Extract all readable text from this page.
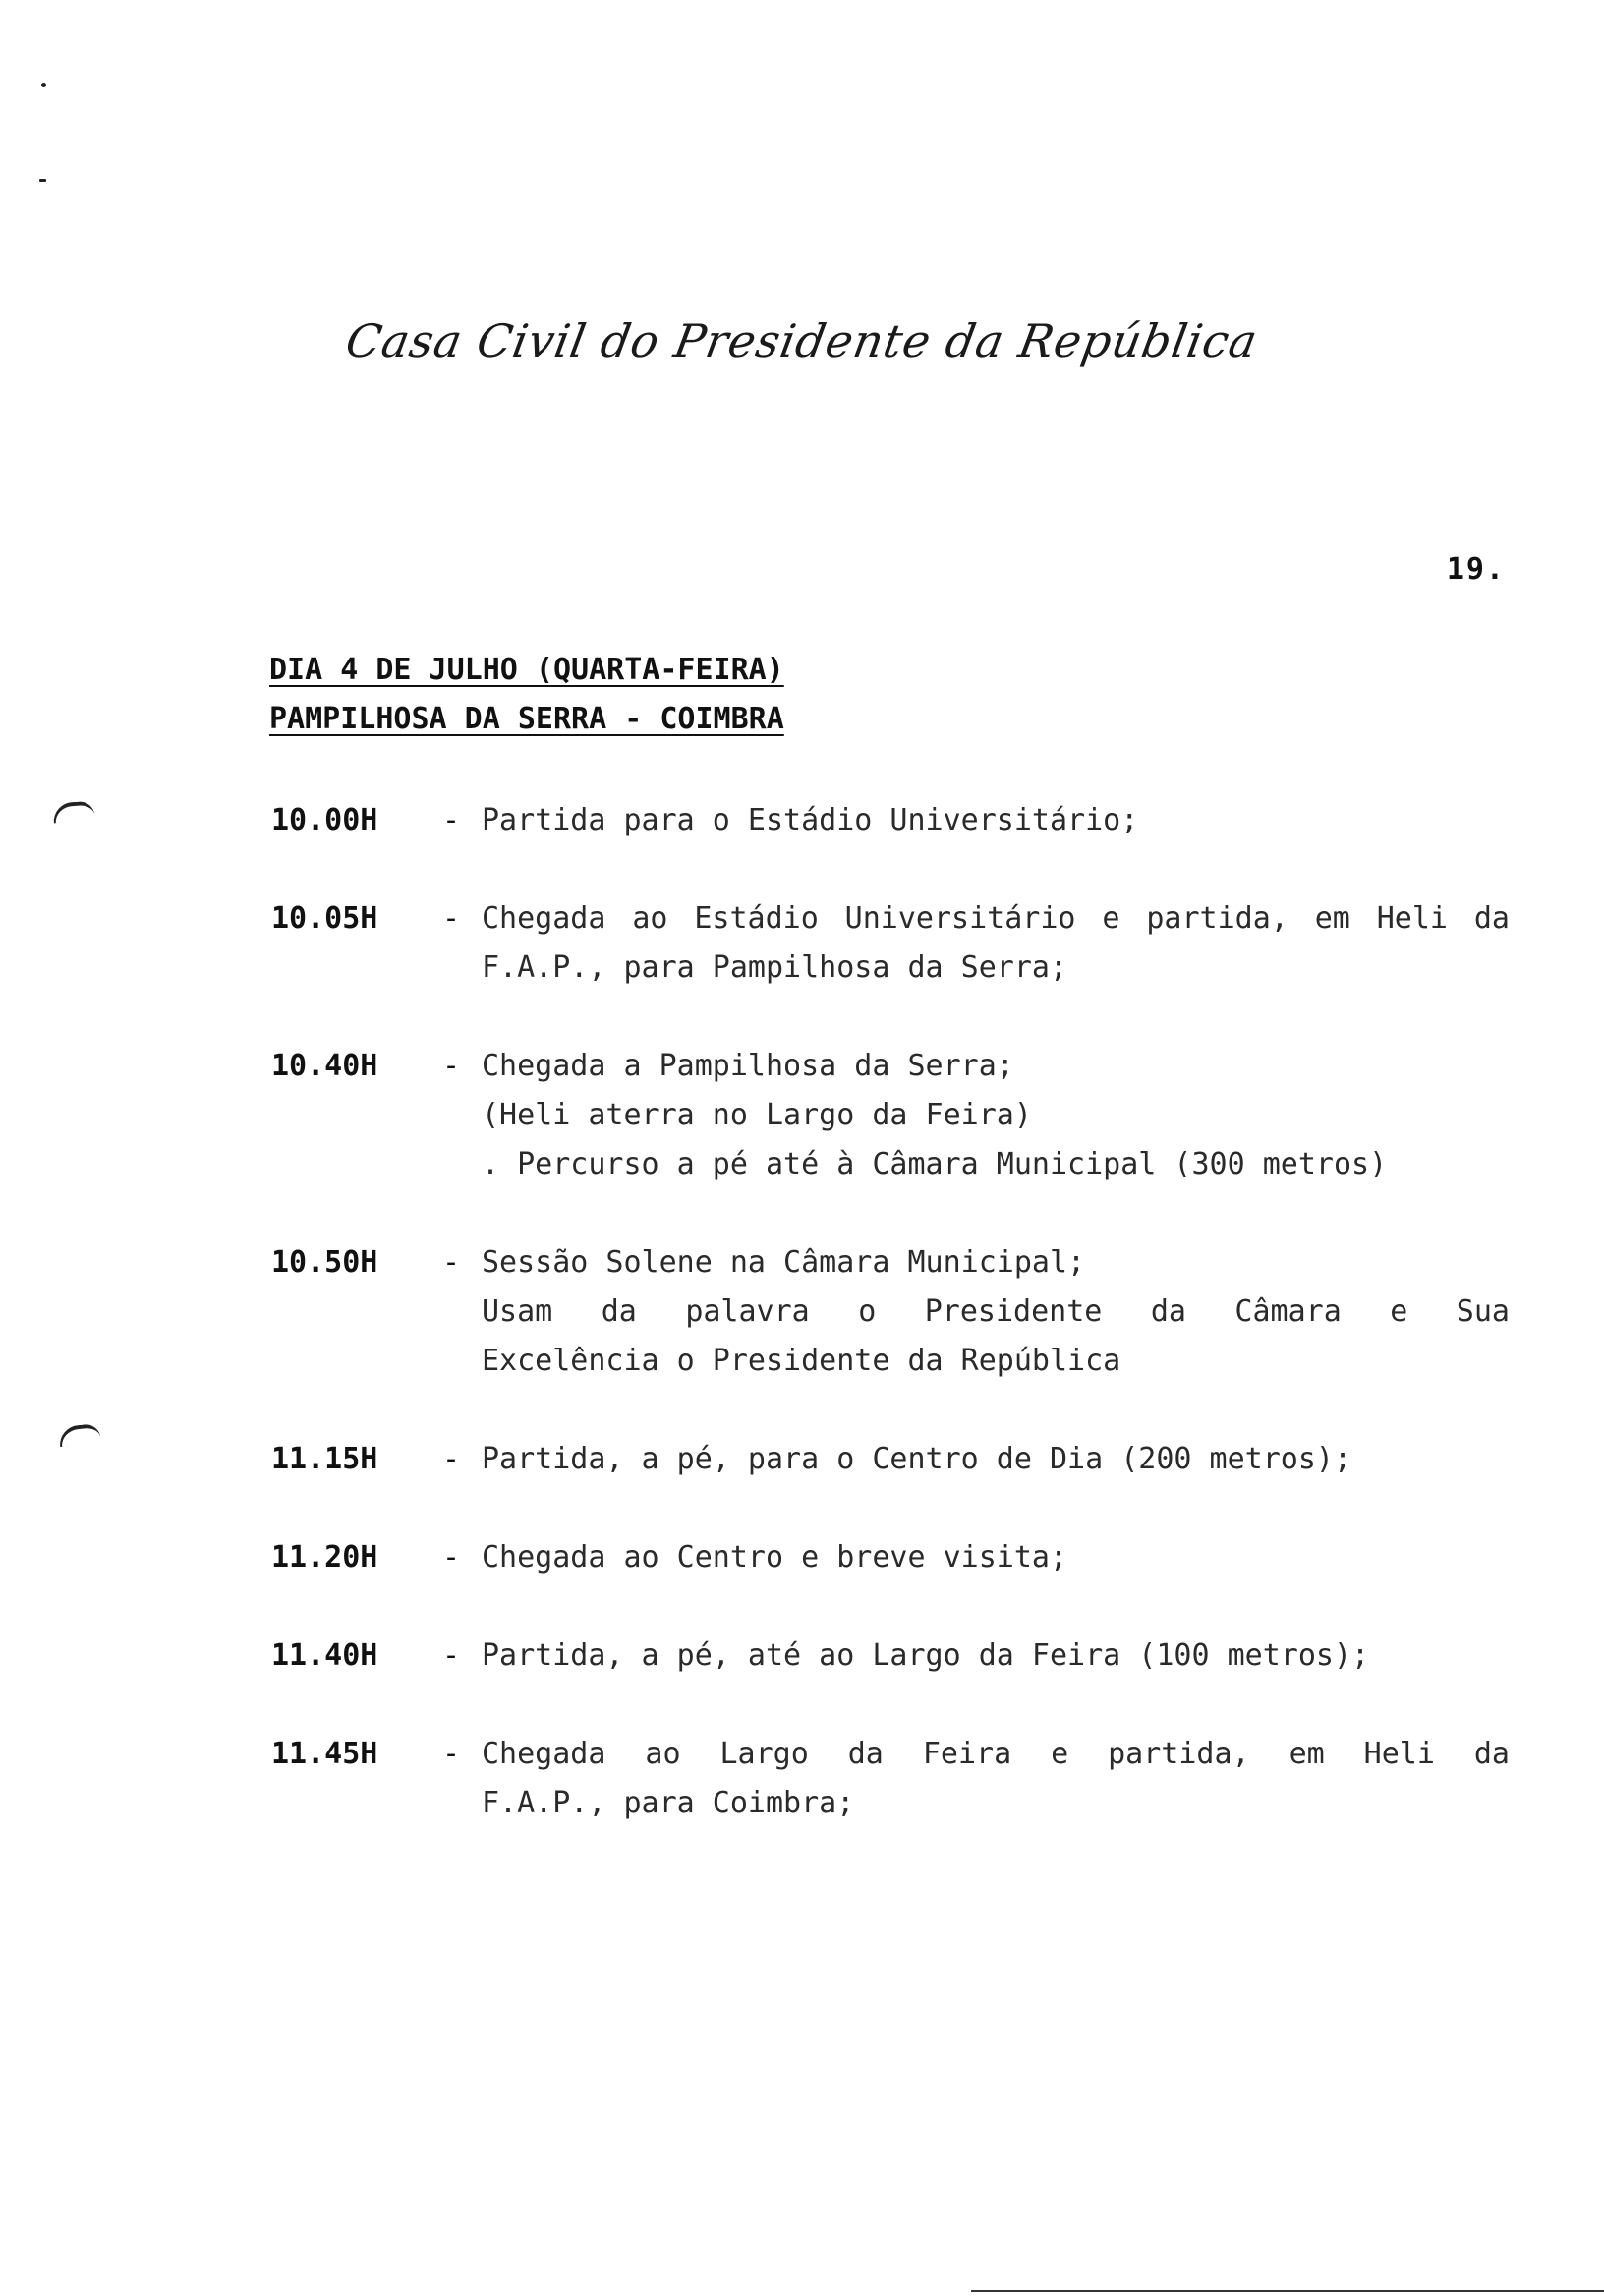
Casa Civil do Presidente da República
19.
DIA 4 DE JULHO (QUARTA-FEIRA)
PAMPILHOSA DA SERRA - COIMBRA
10.00H	- Partida para o Estádio Universitário;
10.05H	- Chegada ao Estádio Universitário e partida, em Heli da
F.A.P., para Pampilhosa da Serra;
10.40H	- Chegada a Pampilhosa da Serra;
(Heli aterra no Largo da Feira)
. Percurso a pé até à Câmara Municipal (300 metros)
10.50H	- Sessão Solene na Câmara Municipal;
Usam da palavra o Presidente da Câmara e Sua
Excelência o Presidente da República
11.15H	- Partida, a pé, para o Centro de Dia (200 metros);
11.20H	- Chegada ao Centro e breve visita;
11.40H	- Partida, a pé, até ao Largo da Feira (100 metros);
11.45H	- Chegada ao Largo da Feira e partida, em Heli da
F.A.P., para Coimbra;
